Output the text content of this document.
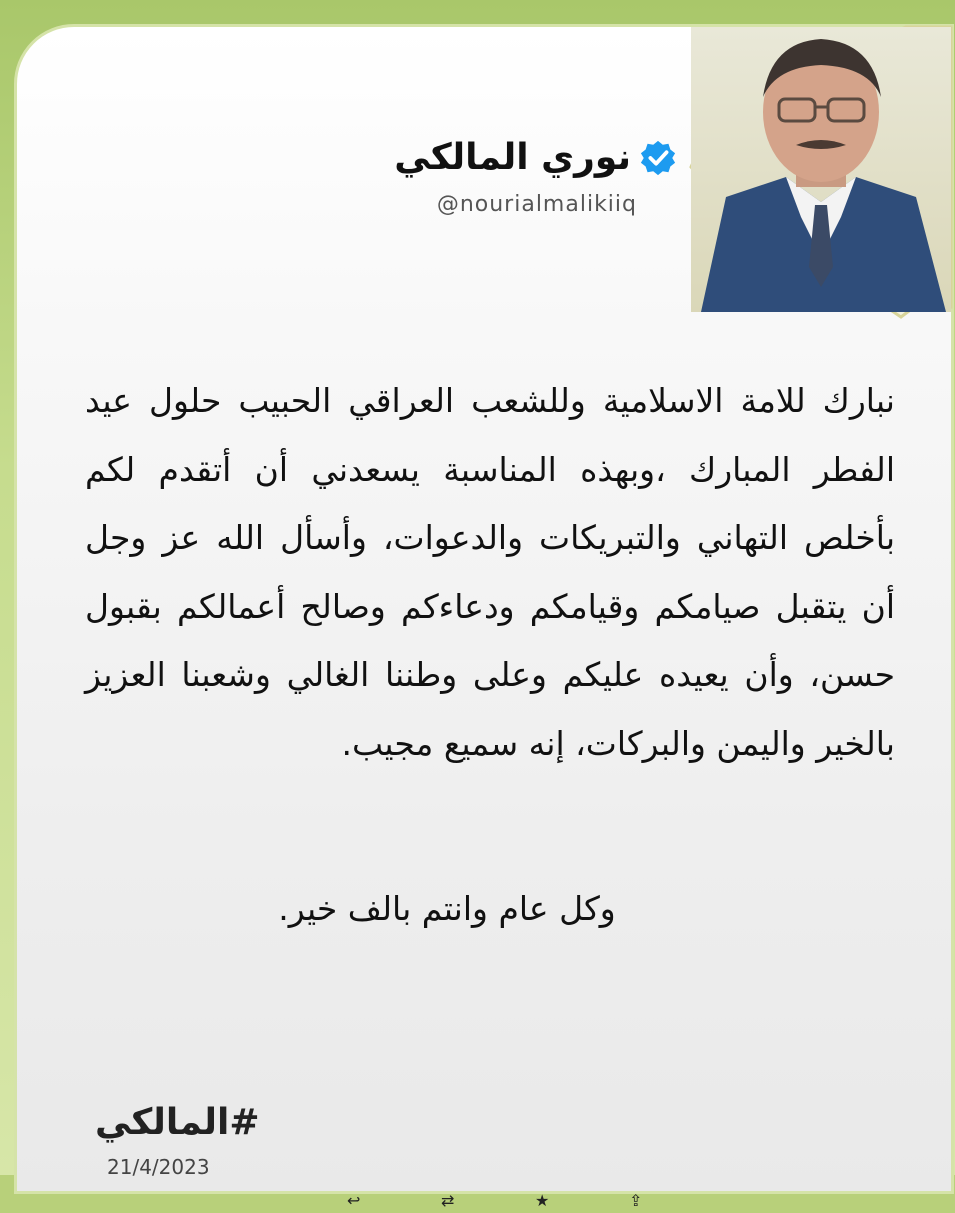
نوري المالكي
@nourialmalikiiq
نبارك للامة الاسلامية وللشعب العراقي الحبيب حلول عيد الفطر المبارك ،وبهذه المناسبة يسعدني أن أتقدم لكم بأخلص التهاني والتبريكات والدعوات، وأسأل الله عز وجل أن يتقبل صيامكم وقيامكم ودعاءكم وصالح أعمالكم بقبول حسن، وأن يعيده عليكم وعلى وطننا الغالي وشعبنا العزيز بالخير واليمن والبركات، إنه سميع مجيب.
وكل عام وانتم بالف خير.
#المالكي
21/4/2023
↩	⇄	★	⇪
